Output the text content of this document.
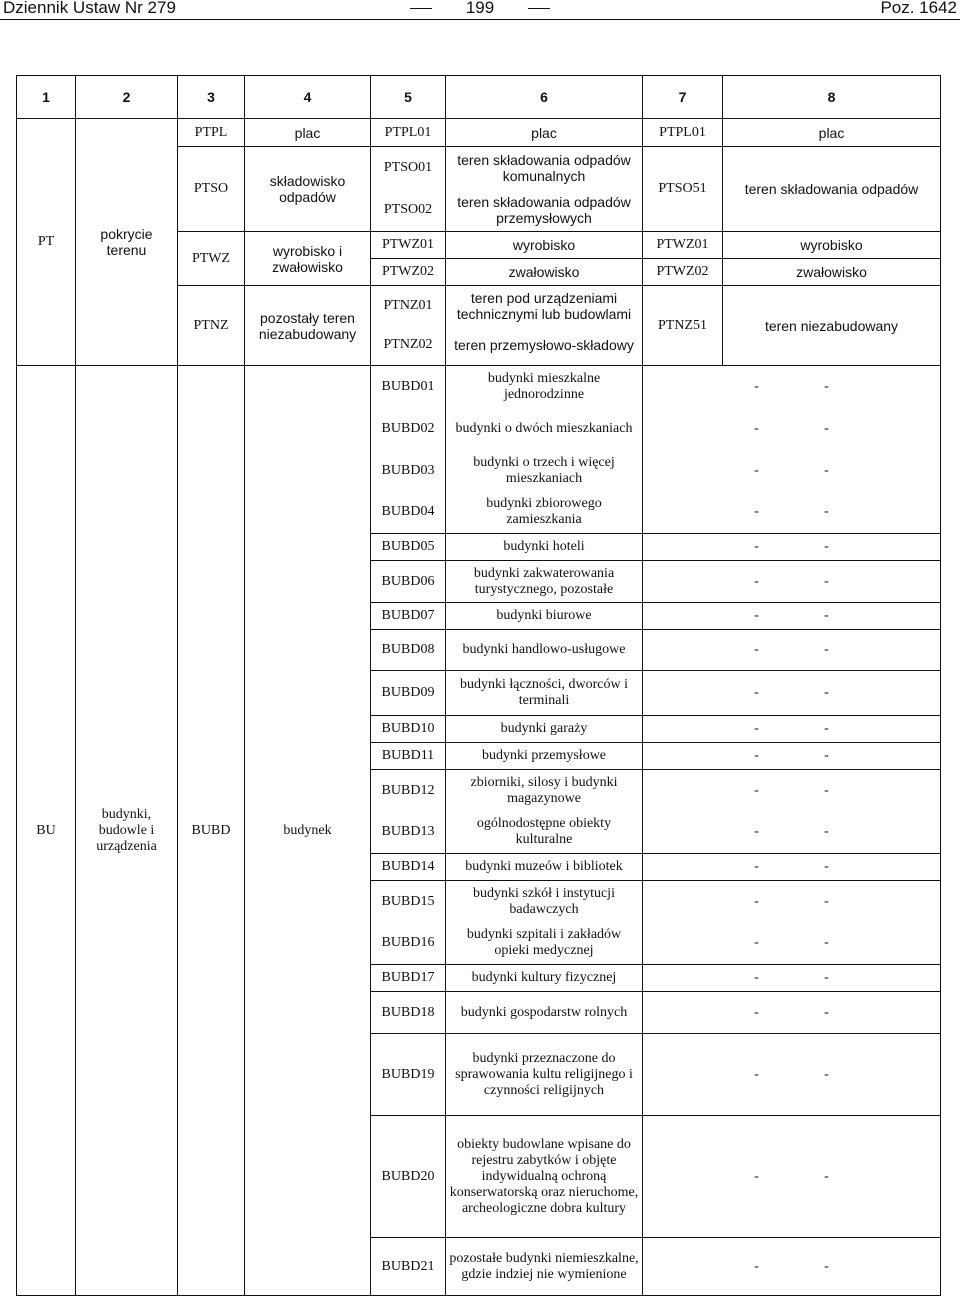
Dziennik Ustaw Nr 279	199	Poz. 1642
1	2	3	4	5	6	7	8
PT	pokrycie terenu	PTPL	plac	PTPL01	plac	PTPL01	plac
		PTSO	składowisko odpadów	PTSO01	teren składowania odpadów komunalnych	PTSO51	teren składowania odpadów
				PTSO02	teren składowania odpadów przemysłowych		
		PTWZ	wyrobisko i zwałowisko	PTWZ01	wyrobisko	PTWZ01	wyrobisko
				PTWZ02	zwałowisko	PTWZ02	zwałowisko
		PTNZ	pozostały teren niezabudowany	PTNZ01	teren pod urządzeniami technicznymi lub budowlami	PTNZ51	teren niezabudowany
				PTNZ02	teren przemysłowo-składowy		
BU	budynki, budowle i urządzenia	BUBD	budynek	BUBD01	budynki mieszkalne jednorodzinne	- -	
				BUBD02	budynki o dwóch mieszkaniach	- -	
				BUBD03	budynki o trzech i więcej mieszkaniach	- -	
				BUBD04	budynki zbiorowego zamieszkania	- -	
				BUBD05	budynki hoteli	- -	
				BUBD06	budynki zakwaterowania turystycznego, pozostałe	- -	
				BUBD07	budynki biurowe	- -	
				BUBD08	budynki handlowo-usługowe	- -	
				BUBD09	budynki łączności, dworców i terminali	- -	
				BUBD10	budynki garaży	- -	
				BUBD11	budynki przemysłowe	- -	
				BUBD12	zbiorniki, silosy i budynki magazynowe	- -	
				BUBD13	ogólnodostępne obiekty kulturalne	- -	
				BUBD14	budynki muzeów i bibliotek	- -	
				BUBD15	budynki szkół i instytucji badawczych	- -	
				BUBD16	budynki szpitali i zakładów opieki medycznej	- -	
				BUBD17	budynki kultury fizycznej	- -	
				BUBD18	budynki gospodarstw rolnych	- -	
				BUBD19	budynki przeznaczone do sprawowania kultu religijnego i czynności religijnych	- -	
				BUBD20	obiekty budowlane wpisane do rejestru zabytków i objęte indywidualną ochroną konserwatorską oraz nieruchome, archeologiczne dobra kultury	- -	
				BUBD21	pozostałe budynki niemieszkalne, gdzie indziej nie wymienione	- -	
